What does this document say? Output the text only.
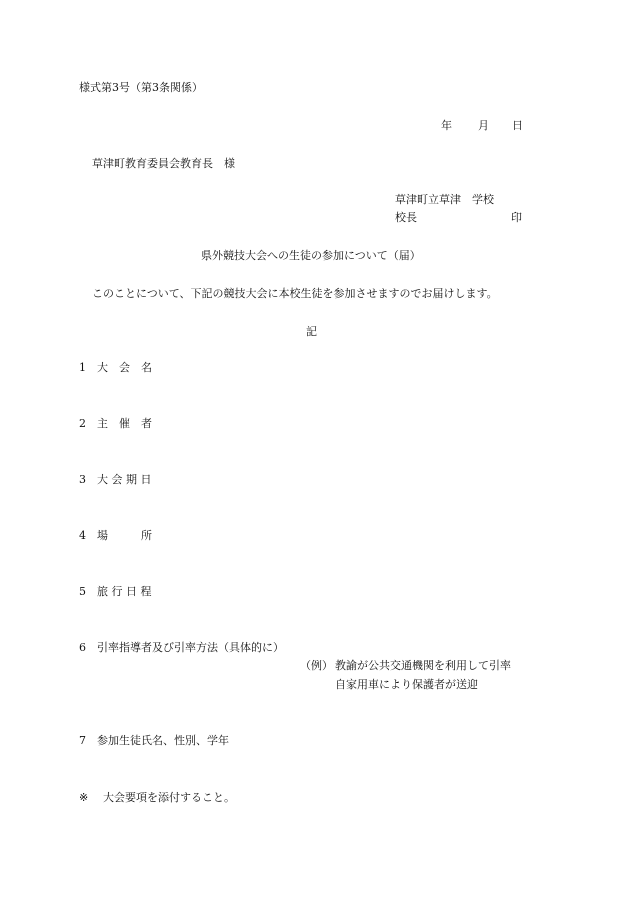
様式第3号（第3条関係）
年 月 日
草津町教育委員会教育長　様
草津町立草津　学校
校長	印
県外競技大会への生徒の参加について（届）
このことについて、下記の競技大会に本校生徒を参加させますのでお届けします。
記
1 大　会　名
2 主　催　者
3 大 会 期 日
4 場　　　所
5 旅 行 日 程
6 引率指導者及び引率方法（具体的に）
（例） 教諭が公共交通機関を利用して引率
自家用車により保護者が送迎
7 参加生徒氏名、性別、学年
※ 大会要項を添付すること。
